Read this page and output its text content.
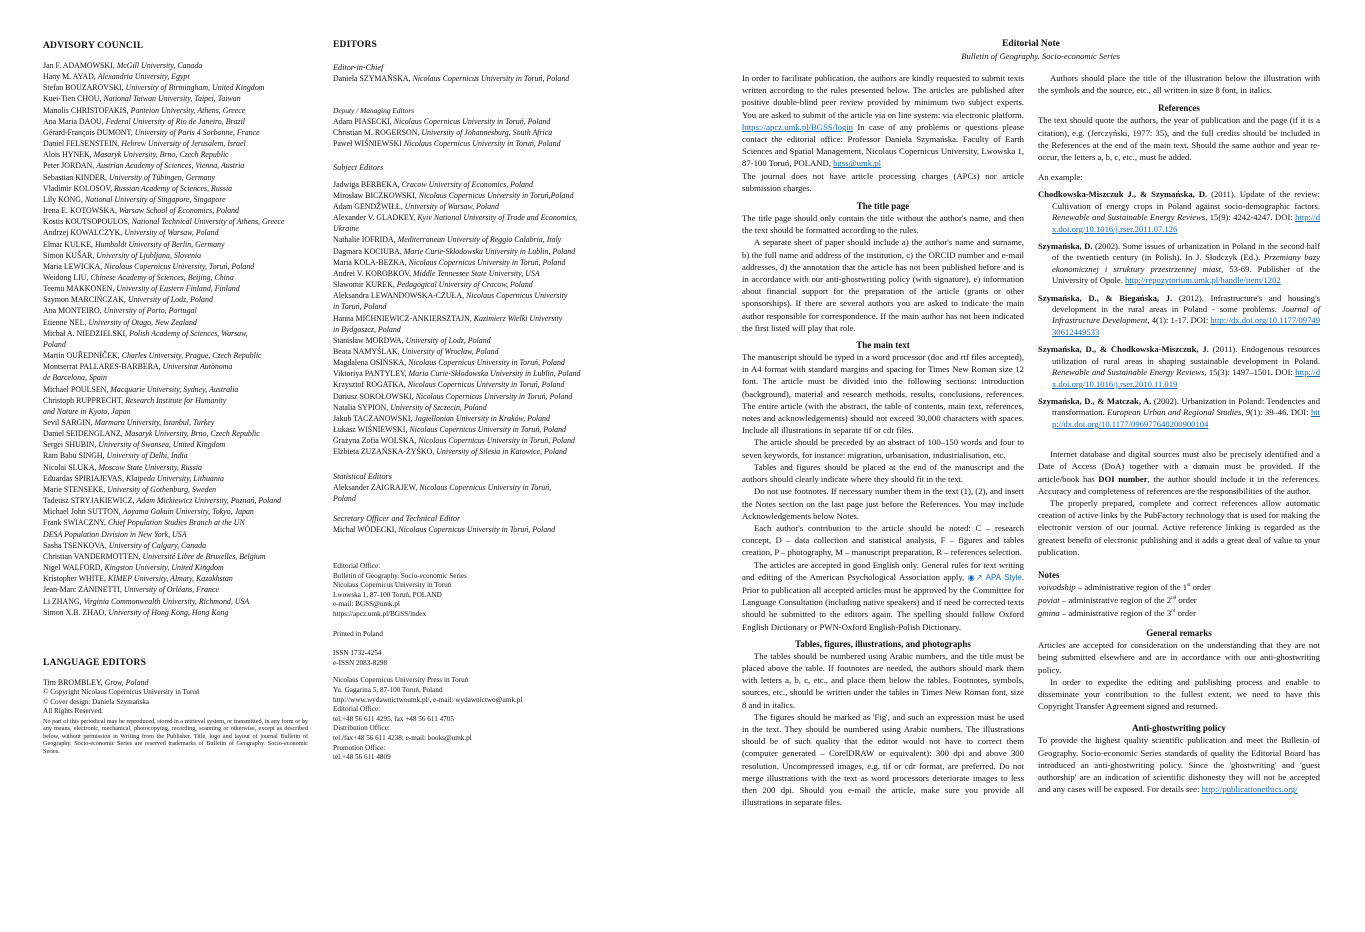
ADVISORY COUNCIL
Jan F. ADAMOWSKI, McGill University, Canada
Hany M. AYAD, Alexandria University, Egypt
Stefan BOUZAROVSKI, University of Birmingham, United Kingdom
Kuei-Tien CHOU, National Taiwan University, Taipei, Taiwan
Manolis CHRISTOFAKIS, Panteion University, Athens, Greece
Ana Maria DAOU, Federal University of Rio de Janeiro, Brazil
Gérard-François DUMONT, University of Paris 4 Sorbonne, France
Daniel FELSENSTEIN, Hebrew University of Jerusalem, Israel
Alois HYNEK, Masaryk University, Brno, Czech Republic
Peter JORDAN, Austrian Academy of Sciences, Vienna, Austria
Sebastian KINDER, University of Tübingen, Germany
Vladimir KOLOSOV, Russian Academy of Sciences, Russia
Lily KONG, National University of Singapore, Singapore
Irena E. KOTOWSKA, Warsaw School of Economics, Poland
Kostis KOUTSOPOULOS, National Technical University of Athens, Greece
Andrzej KOWALCZYK, University of Warsaw, Poland
Elmar KULKE, Humboldt University of Berlin, Germany
Simon KUŠAR, University of Ljubljana, Slovenia
Maria LEWICKA, Nicolaus Copernicus University, Toruń, Poland
Weidong LIU, Chinese Academy of Sciences, Beijing, China
Teemu MAKKONEN, University of Eastern Finland, Finland
Szymon MARCIŃCZAK, University of Lodz, Poland
Ana MONTEIRO, University of Porto, Portugal
Etienne NEL, University of Otago, New Zealand
Michał A. NIEDZIELSKI, Polish Academy of Sciences, Warsaw,
Poland
Martin OUŘEDNÍČEK, Charles University, Prague, Czech Republic
Montserrat PALLARES-BARBERA, Universitat Autònoma
de Barcelona, Spain
Michael POULSEN, Macquarie University, Sydney, Australia
Christoph RUPPRECHT, Research Institute for Humanity
and Nature in Kyoto, Japan
Sevil SARGIN, Marmara University, Istanbul, Turkey
Daniel SEIDENGLANZ, Masaryk University, Brno, Czech Republic
Sergei SHUBIN, University of Swansea, United Kingdom
Ram Babu SINGH, University of Delhi, India
Nicolai SLUKA, Moscow State University, Russia
Eduardas SPIRIAJEVAS, Klaipeda University, Lithuania
Marie STENSEKE, University of Gothenburg, Sweden
Tadeusz STRYJAKIEWICZ, Adam Mickiewicz University, Poznań, Poland
Michael John SUTTON, Aoyama Gakuin University, Tokyo, Japan
Frank SWIACZNY, Chief Population Studies Branch at the UN
DESA Population Division in New York, USA
Sasha TSENKOVA, University of Calgary, Canada
Christian VANDERMOTTEN, Université Libre de Bruxelles, Belgium
Nigel WALFORD, Kingston University, United Kingdom
Kristopher WHITE, KIMEP University, Almaty, Kazakhstan
Jean-Marc ZANINETTI, University of Orléans, France
Li ZHANG, Virginia Commonwealth University, Richmond, USA
Simon X.B. ZHAO, University of Hong Kong, Hong Kong
LANGUAGE EDITORS
Tim BROMBLEY, Grow, Poland
© Copyright Nicolaus Copernicus University in Toruń
© Cover design: Daniela Szymańska
All Rights Reserved.
No part of this periodical may be reproduced, stored in a retrieval system, or transmitted, in any form or by any means, electronic, mechanical, photocopying, recording, scanning or otherwise, except as described below, without permission in Writing from the Publisher. Title, logo and layout of journal Bulletin of Geography. Socio-economic Series are reserved trademarks of Bulletin of Geography. Socio-economic Series.
EDITORS
Editor-in-Chief
Daniela SZYMAŃSKA, Nicolaus Copernicus University in Toruń, Poland
Deputy / Managing Editors
Adam PIASECKI, Nicolaus Copernicus University in Toruń, Poland
Christian M. ROGERSON, University of Johannesburg, South Africa
Paweł WIŚNIEWSKI Nicolaus Copernicus University in Toruń, Poland
Subject Editors
Jadwiga BERBEKA, Cracow University of Economics, Poland
Mirosław BICZKOWSKI, Nicolaus Copernicus University in Toruń,Poland
Adam GENDŹWIŁŁ, University of Warsaw, Poland
Alexander V. GLADKEY, Kyiv National University of Trade and Economics,
Ukraine
Nathalie IOFRIDA, Mediterranean University of Reggio Calabria, Italy
Dagmara KOCIUBA, Marie Curie-Skłodowska University in Lublin, Poland
Maria KOLA-BEZKA, Nicolaus Copernicus University in Toruń, Poland
Andrei V. KOROBKOV, Middle Tennessee State University, USA
Sławomir KUREK, Pedagogical University of Cracow, Poland
Aleksandra LEWANDOWSKA-CZUŁA, Nicolaus Copernicus University
in Toruń, Poland
Hanna MICHNIEWICZ-ANKIERSZTAJN, Kazimierz Wielki University
in Bydgoszcz, Poland
Stanisław MORDWA, University of Lodz, Poland
Beata NAMYŚLAK, University of Wrocław, Poland
Magdalena OSIŃSKA, Nicolaus Copernicus University in Toruń, Poland
Viktoriya PANTYLEY, Maria Curie-Skłodowska University in Lublin, Poland
Krzysztof ROGATKA, Nicolaus Copernicus University in Toruń, Poland
Dariusz SOKOŁOWSKI, Nicolaus Copernicus University in Toruń, Poland
Natalia SYPION, University of Szczecin, Poland
Jakub TACZANOWSKI, Jagiellonian University in Kraków, Poland
Łukasz WIŚNIEWSKI, Nicolaus Copernicus University in Toruń, Poland
Grażyna Zofia WOLSKA, Nicolaus Copernicus University in Toruń, Poland
Elżbieta ZUZAŃSKA-ŻYŚKO, University of Silesia in Katowice, Poland
Statistical Editors
Aleksander ZAIGRAJEW, Nicolaus Copernicus University in Toruń,
Poland
Secretary Officer and Technical Editor
Michał WÓDECKI, Nicolaus Copernicus University in Toruń, Poland
Editorial Office:
Bulletin of Geography. Socio-economic Series
Nicolaus Copernicus University in Toruń
Lwowska 1, 87-100 Toruń, POLAND
e-mail: BGSS@umk.pl
https://apcz.umk.pl/BGSS/index
Printed in Poland
ISSN 1732-4254
e-ISSN 2083-8298
Nicolaus Copernicus University Press in Toruń
Yu. Gagarina 5, 87-100 Toruń, Poland
http://www.wydawnictwoumk.pl/, e-mail: wydawnictwo@umk.pl
Editorial Office:
tel.+48 56 611 4295, fax +48 56 611 4705
Distribution Office:
tel./fax+48 56 611 4238; e-mail: books@umk.pl
Promotion Office:
tel.+48 56 611 4809
Editorial Note
Bulletin of Geography. Socio-economic Series
In order to facilitate publication, the authors are kindly requested to submit texts written according to the rules presented below. The articles are published after positive double-blind peer review provided by minimum two subject experts. You are asked to submit of the article via on line system: via electronic platform. https://apcz.umk.pl/BGSS/login In case of any problems or questions please contact the editorial office: Professor Daniela Szymańska. Faculty of Earth Sciences and Spatial Management, Nicolaus Copernicus University, Lwowska 1, 87-100 Toruń, POLAND, bgss@umk.pl
The journal does not have article processing charges (APCs) nor article submission charges.
The title page
The title page should only contain the title without the author's name, and then the text should be formatted according to the rules.
A separate sheet of paper should include a) the author's name and surname, b) the full name and address of the institution, c) the ORCID number and e-mail addresses, d) the annotation that the article has not been published before and is in accordance with our anti-ghostwriting policy (with signature), e) information about financial support for the preparation of the article (grants or other sponsorships). If there are several authors you are asked to indicate the main author responsible for correspondence. If the main author has not been indicated the first listed will play that role.
The main text
The manuscript should be typed in a word processor (doc and rtf files accepted), in A4 format with standard margins and spacing for Times New Roman size 12 font. The article must be divided into the following sections: introduction (background), material and research methods, results, conclusions, references. The entire article (with the abstract, the table of contents, main text, references, notes and acknowledgements) should not exceed 30,000 characters with spaces. Include all illustrations in separate tif or cdr files.
The article should be preceded by an abstract of 100–150 words and four to seven keywords, for instance: migration, urbanisation, industrialisation, etc.
Tables and figures should be placed at the end of the manuscript and the authors should clearly indicate where they should fit in the text.
Do not use footnotes. If necessary number them in the text (1), (2), and insert the Notes section on the last page just before the References. You may include Acknowledgements below Notes.
Each author's contribution to the article should be noted: C – research concept, D – data collection and statistical analysis, F – figures and tables creation, P – photography, M – manuscript preparation, R – references selection.
The articles are accepted in good English only. General rules for text writing and editing of the American Psychological Association apply, ◉↗ APA Style. Prior to publication all accepted articles must be approved by the Committee for Language Consultation (including native speakers) and if need be corrected texts should be submitted to the editors again. The spelling should follow Oxford English Dictionary or PWN-Oxford English-Polish Dictionary.
Tables, figures, illustrations, and photographs
The tables should be numbered using Arabic numbers, and the title must be placed above the table. If footnotes are needed, the authors should mark them with letters a, b, c, etc., and place them below the tables. Footnotes, symbols, sources, etc., should be written under the tables in Times New Roman font, size 8 and in italics.
The figures should be marked as 'Fig', and such an expression must be used in the text. They should be numbered using Arabic numbers. The illustrations should be of such quality that the editor would not have to correct them (computer generated – CorelDRAW or equivalent): 300 dpi and above 300 resolution. Uncompressed images, e.g. tif or cdr format, are preferred. Do not merge illustrations with the text as word processors deteriorate images to less then 200 dpi. Should you e-mail the article, make sure you provide all illustrations in separate files.
Authors should place the title of the illustration below the illustration with the symbols and the source, etc., all written in size 8 font, in italics.
References
The text should quote the authors, the year of publication and the page (if it is a citation), e.g. (Jerczyński, 1977: 35), and the full credits should be included in the References at the end of the main text. Should the same author and year re-occur, the letters a, b, c, etc., must be added.
An example:
Chodkowska-Miszczuk J., & Szymańska, D. (2011). Update of the review: Cultivation of energy crops in Poland against socio-demographic factors. Renewable and Sustainable Energy Reviews, 15(9): 4242-4247. DOI: http://dx.doi.org/10.1016/j.rser.2011.07.126
Szymańska, D. (2002). Some issues of urbanization in Poland in the second half of the twentieth century (in Polish). In J. Słodczyk (Ed.). Przemiany bazy ekonomicznej i struktury przestrzennej miast, 53-69. Publisher of the University of Opole. http://repozytorium.umk.pl/handle/item/1202
Szymańska, D., & Biegańska, J. (2012). Infrastructure's and housing's development in the rural areas in Poland - some problems. Journal of Infrastructure Development, 4(1): 1-17. DOI: http://dx.doi.org/10.1177/0974930612449533
Szymańska, D., & Chodkowska-Miszczuk, J. (2011). Endogenous resources utilization of rural areas in shaping sustainable development in Poland. Renewable and Sustainable Energy Reviews, 15(3): 1497–1501. DOI: http://dx.doi.org/10.1016/j.rser.2010.11.019
Szymańska, D., & Matczak, A. (2002). Urbanization in Poland: Tendencies and transformation. European Urban and Regional Studies, 9(1): 39–46. DOI: http://dx.doi.org/10.1177/096977640200900104
Internet database and digital sources must also be precisely identified and a Date of Access (DoA) together with a domain must be provided. If the article/book has DOI number, the author should include it in the references. Accuracy and completeness of references are the responsibilities of the author.
The properly prepared, complete and correct references allow automatic creation of active links by the PubFactory technology that is used for making the electronic version of our journal. Active reference linking is regarded as the greatest benefit of electronic publishing and it adds a great deal of value to your publication.
Notes
voivodship – administrative region of the 1st order
poviat – administrative region of the 2nd order
gmina – administrative region of the 3rd order
General remarks
Articles are accepted for consideration on the understanding that they are not being submitted elsewhere and are in accordance with our anti-ghostwriting policy.
In order to expedite the editing and publishing process and enable to disseminate your contribution to the fullest extent, we need to have this Copyright Transfer Agreement signed and returned.
Anti-ghostwriting policy
To provide the highest quality scientific publication and meet the Bulletin of Geography. Socio-economic Series standards of quality the Editorial Board has introduced an anti-ghostwriting policy. Since the 'ghostwriting' and 'guest authorship' are an indication of scientific dishonesty they will not be accepted and any cases will be exposed. For details see: http://publicationethics.org/
